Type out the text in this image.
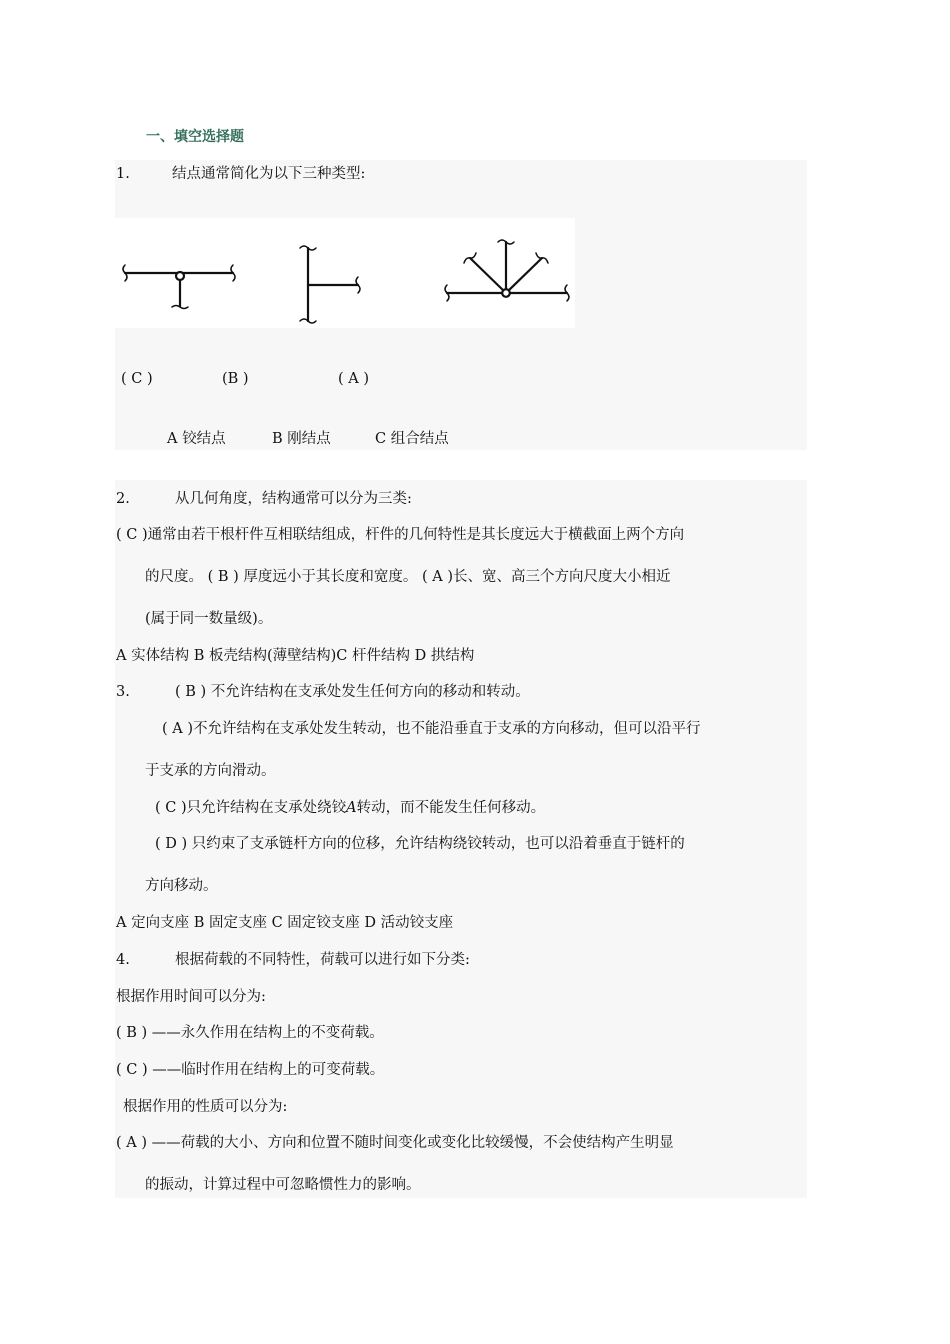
一、填空选择题
1.	结点通常简化为以下三种类型:
( C )	(B )	( A )
A 铰结点	B 刚结点	C 组合结点
2.	从几何角度，结构通常可以分为三类:
( C )通常由若干根杆件互相联结组成，杆件的几何特性是其长度远大于横截面上两个方向
的尺度。 ( B ) 厚度远小于其长度和宽度。 ( A )长、宽、高三个方向尺度大小相近
(属于同一数量级)。
A 实体结构 B 板壳结构(薄壁结构)C 杆件结构 D 拱结构
3.	( B ) 不允许结构在支承处发生任何方向的移动和转动。
( A )不允许结构在支承处发生转动，也不能沿垂直于支承的方向移动，但可以沿平行
于支承的方向滑动。
( C )只允许结构在支承处绕铰A转动，而不能发生任何移动。
( D ) 只约束了支承链杆方向的位移，允许结构绕铰转动，也可以沿着垂直于链杆的
方向移动。
A 定向支座 B 固定支座 C 固定铰支座 D 活动铰支座
4.	根据荷载的不同特性，荷载可以进行如下分类:
根据作用时间可以分为:
( B ) ——永久作用在结构上的不变荷载。
( C ) ——临时作用在结构上的可变荷载。
根据作用的性质可以分为:
( A ) ——荷载的大小、方向和位置不随时间变化或变化比较缓慢，不会使结构产生明显
的振动，计算过程中可忽略惯性力的影响。
